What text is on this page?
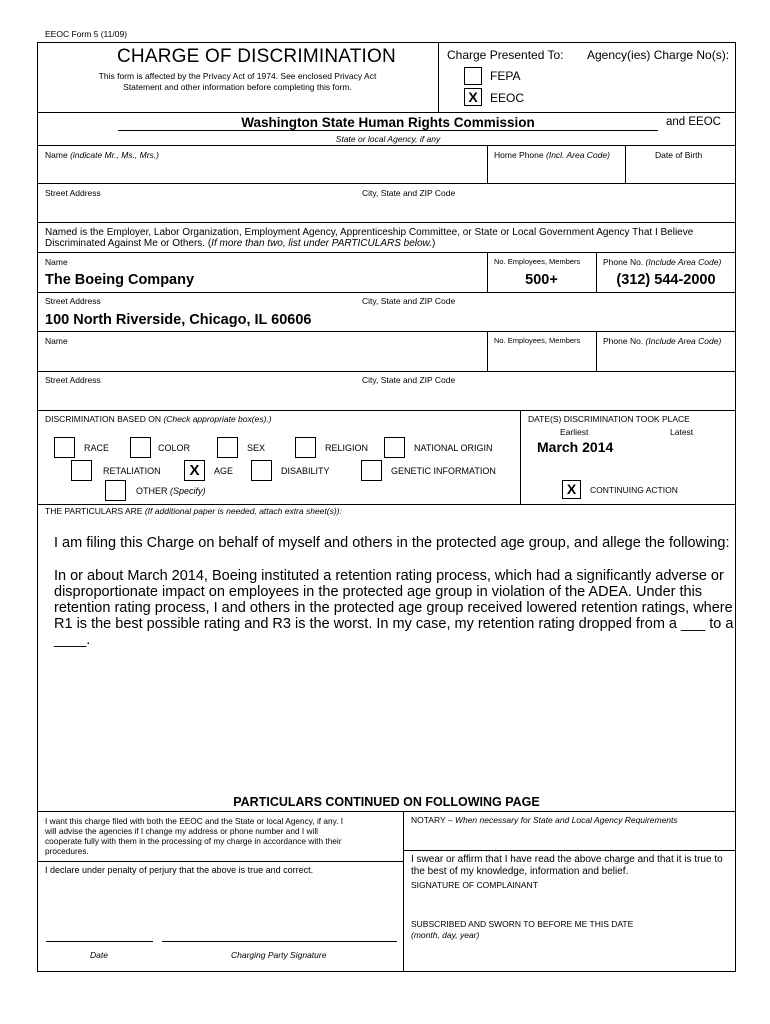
EEOC Form 5 (11/09)
CHARGE OF DISCRIMINATION
This form is affected by the Privacy Act of 1974. See enclosed Privacy Act
Statement and other information before completing this form.
Charge Presented To: Agency(ies) Charge No(s):
FEPA
X	EEOC
Washington State Human Rights Commission	and EEOC
State or local Agency, if any
Name (indicate Mr., Ms., Mrs.)	Home Phone (Incl. Area Code)	Date of Birth
Street Address	City, State and ZIP Code
Named is the Employer, Labor Organization, Employment Agency, Apprenticeship Committee, or State or Local Government Agency That I Believe
Discriminated Against Me or Others. (If more than two, list under PARTICULARS below.)
Name	No. Employees, Members	Phone No. (Include Area Code)
The Boeing Company	500+	(312) 544-2000
Street Address	City, State and ZIP Code
100 North Riverside, Chicago, IL 60606
Name	No. Employees, Members	Phone No. (Include Area Code)
Street Address	City, State and ZIP Code
DISCRIMINATION BASED ON (Check appropriate box(es).)
RACE	COLOR	SEX	RELIGION	NATIONAL ORIGIN
RETALIATION	X	AGE	DISABILITY	GENETIC INFORMATION
OTHER (Specify)
DATE(S) DISCRIMINATION TOOK PLACE
Earliest	Latest
March 2014
X	CONTINUING ACTION
THE PARTICULARS ARE (If additional paper is needed, attach extra sheet(s)):
I am filing this Charge on behalf of myself and others in the protected age group, and allege the following:
In or about March 2014, Boeing instituted a retention rating process, which had a significantly adverse or
disproportionate impact on employees in the protected age group in violation of the ADEA. Under this
retention rating process, I and others in the protected age group received lowered retention ratings, where
R1 is the best possible rating and R3 is the worst. In my case, my retention rating dropped from a ___ to a
____.
PARTICULARS CONTINUED ON FOLLOWING PAGE
I want this charge filed with both the EEOC and the State or local Agency, if any. I
will advise the agencies if I change my address or phone number and I will
cooperate fully with them in the processing of my charge in accordance with their
procedures.
I declare under penalty of perjury that the above is true and correct.
NOTARY – When necessary for State and Local Agency Requirements
I swear or affirm that I have read the above charge and that it is true to
the best of my knowledge, information and belief.
SIGNATURE OF COMPLAINANT
SUBSCRIBED AND SWORN TO BEFORE ME THIS DATE
(month, day, year)
Date	Charging Party Signature
